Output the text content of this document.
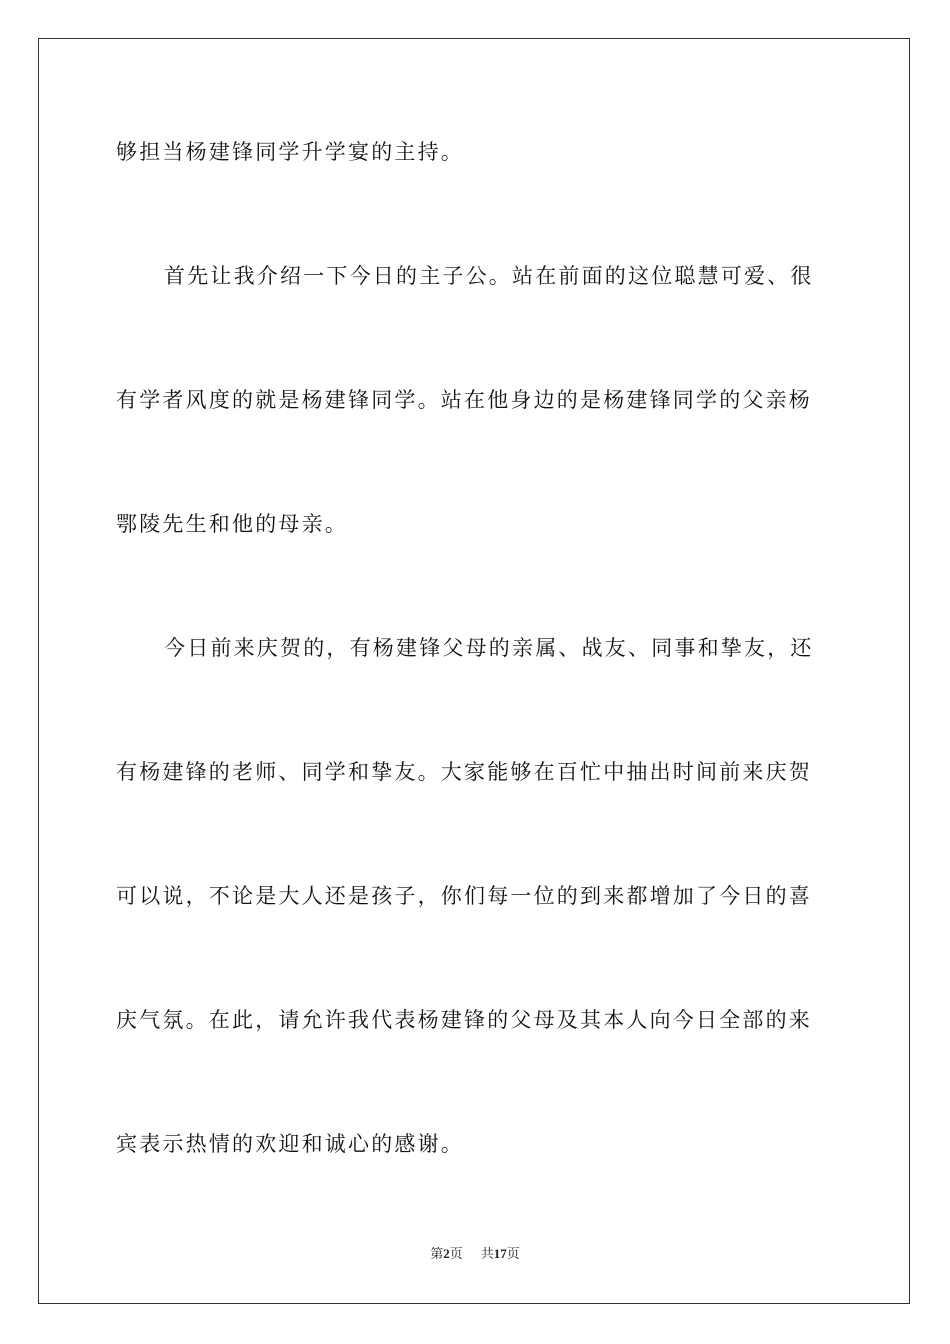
够担当杨建锋同学升学宴的主持。
首先让我介绍一下今日的主子公。站在前面的这位聪慧可爱、很
有学者风度的就是杨建锋同学。站在他身边的是杨建锋同学的父亲杨
鄂陵先生和他的母亲。
今日前来庆贺的，有杨建锋父母的亲属、战友、同事和挚友，还
有杨建锋的老师、同学和挚友。大家能够在百忙中抽出时间前来庆贺
可以说，不论是大人还是孩子，你们每一位的到来都增加了今日的喜
庆气氛。在此，请允许我代表杨建锋的父母及其本人向今日全部的来
宾表示热情的欢迎和诚心的感谢。
第2页 共17页
